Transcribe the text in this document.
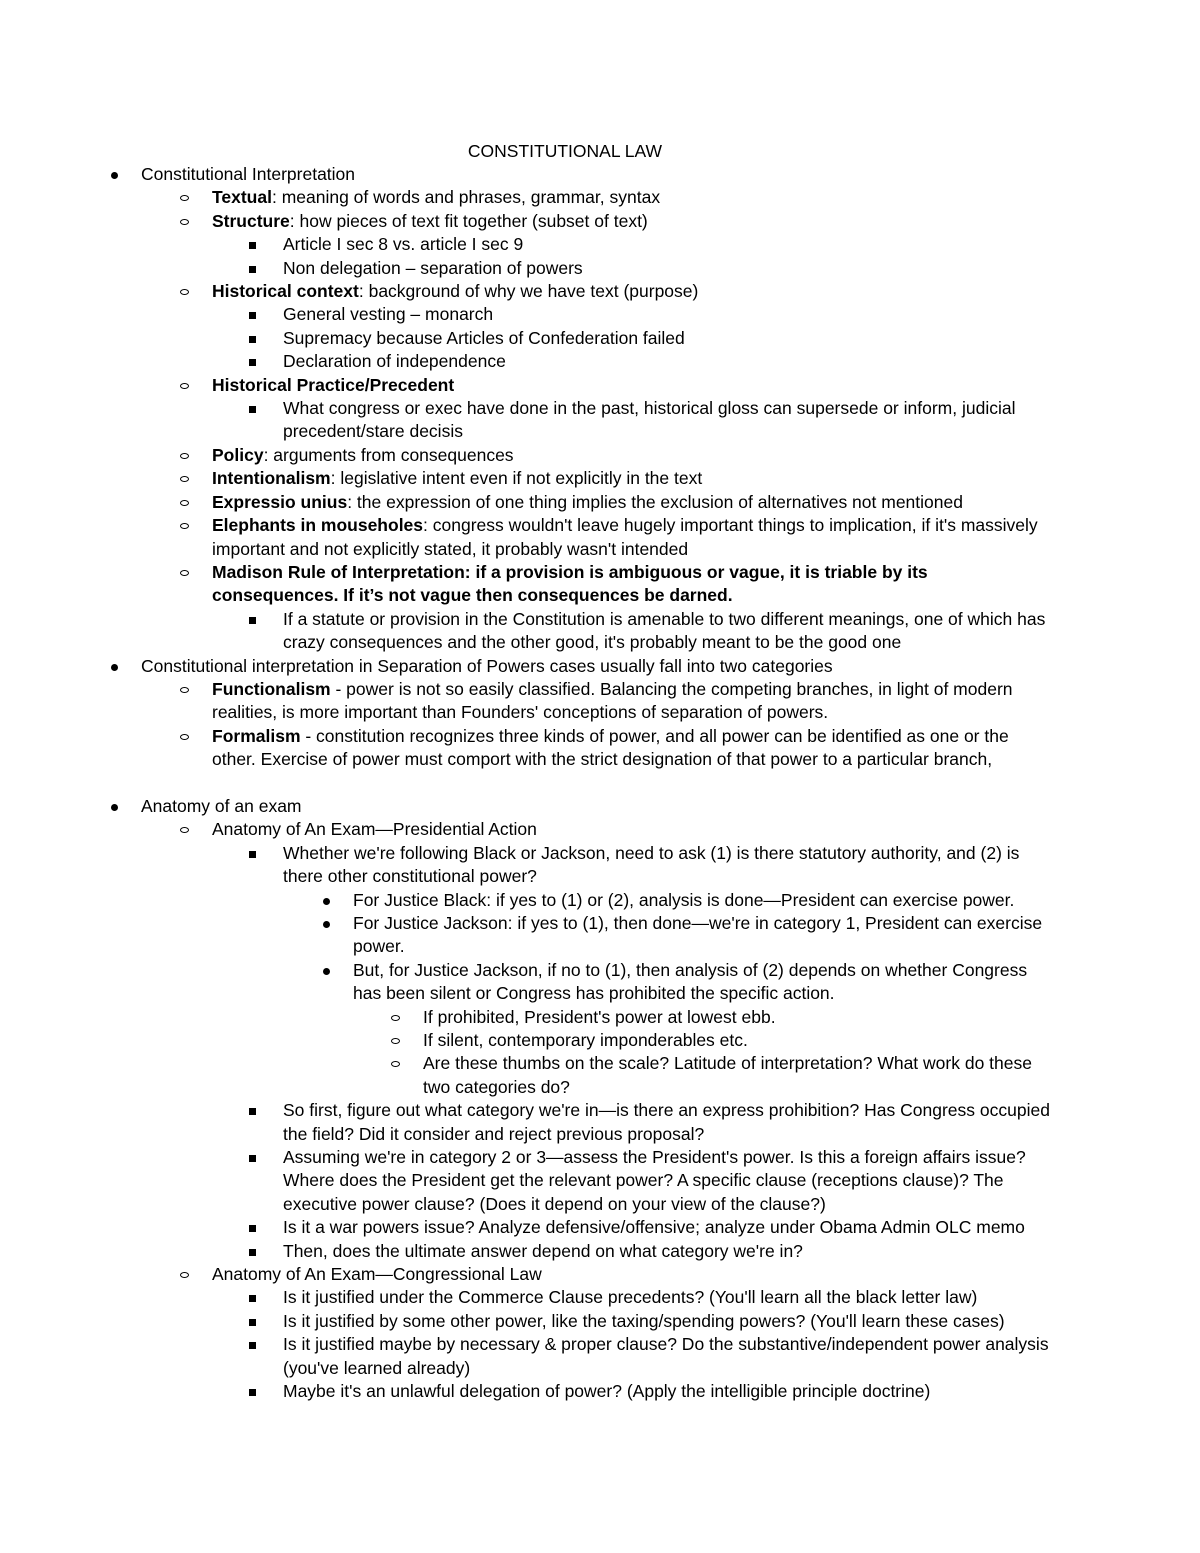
CONSTITUTIONAL LAW
Constitutional Interpretation
Textual: meaning of words and phrases, grammar, syntax
Structure: how pieces of text fit together (subset of text)
Article I sec 8 vs. article I sec 9
Non delegation – separation of powers
Historical context: background of why we have text (purpose)
General vesting – monarch
Supremacy because Articles of Confederation failed
Declaration of independence
Historical Practice/Precedent
What congress or exec have done in the past, historical gloss can supersede or inform, judicial
precedent/stare decisis
Policy: arguments from consequences
Intentionalism: legislative intent even if not explicitly in the text
Expressio unius: the expression of one thing implies the exclusion of alternatives not mentioned
Elephants in mouseholes: congress wouldn't leave hugely important things to implication, if it's massively
important and not explicitly stated, it probably wasn't intended
Madison Rule of Interpretation: if a provision is ambiguous or vague, it is triable by its
consequences. If it’s not vague then consequences be darned.
If a statute or provision in the Constitution is amenable to two different meanings, one of which has
crazy consequences and the other good, it's probably meant to be the good one
Constitutional interpretation in Separation of Powers cases usually fall into two categories
Functionalism - power is not so easily classified. Balancing the competing branches, in light of modern
realities, is more important than Founders' conceptions of separation of powers.
Formalism - constitution recognizes three kinds of power, and all power can be identified as one or the
other. Exercise of power must comport with the strict designation of that power to a particular branch,
Anatomy of an exam
Anatomy of An Exam—Presidential Action
Whether we're following Black or Jackson, need to ask (1) is there statutory authority, and (2) is
there other constitutional power?
For Justice Black: if yes to (1) or (2), analysis is done—President can exercise power.
For Justice Jackson: if yes to (1), then done—we're in category 1, President can exercise
power.
But, for Justice Jackson, if no to (1), then analysis of (2) depends on whether Congress
has been silent or Congress has prohibited the specific action.
If prohibited, President's power at lowest ebb.
If silent, contemporary imponderables etc.
Are these thumbs on the scale? Latitude of interpretation? What work do these
two categories do?
So first, figure out what category we're in—is there an express prohibition? Has Congress occupied
the field? Did it consider and reject previous proposal?
Assuming we're in category 2 or 3—assess the President's power. Is this a foreign affairs issue?
Where does the President get the relevant power? A specific clause (receptions clause)? The
executive power clause? (Does it depend on your view of the clause?)
Is it a war powers issue? Analyze defensive/offensive; analyze under Obama Admin OLC memo
Then, does the ultimate answer depend on what category we're in?
Anatomy of An Exam—Congressional Law
Is it justified under the Commerce Clause precedents? (You'll learn all the black letter law)
Is it justified by some other power, like the taxing/spending powers? (You'll learn these cases)
Is it justified maybe by necessary & proper clause? Do the substantive/independent power analysis
(you've learned already)
Maybe it's an unlawful delegation of power? (Apply the intelligible principle doctrine)
